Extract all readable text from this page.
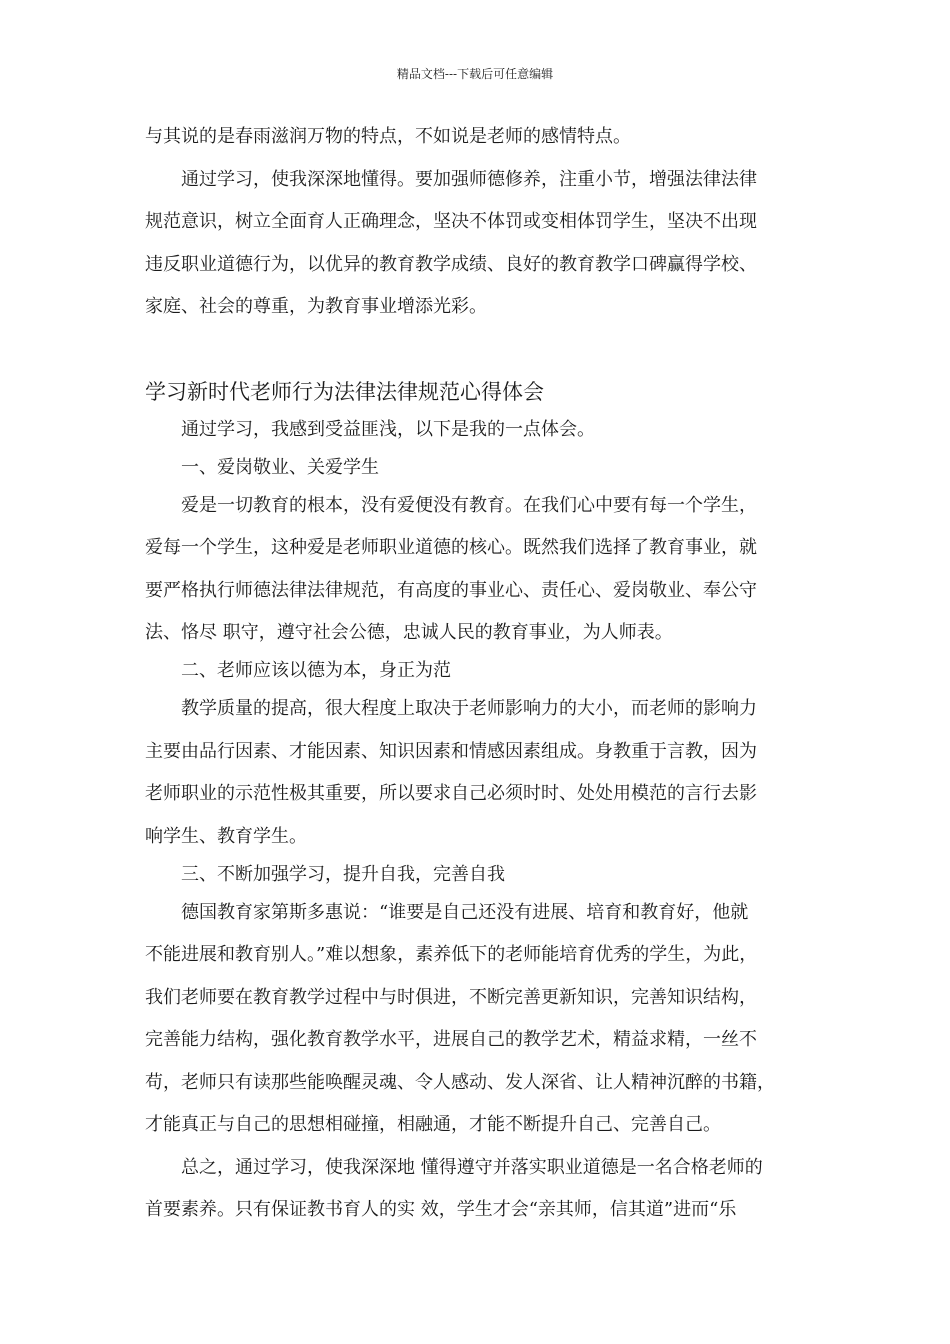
精品文档---下载后可任意编辑
与其说的是春雨滋润万物的特点，不如说是老师的感情特点。
通过学习，使我深深地懂得。要加强师德修养，注重小节，增强法律法律
规范意识，树立全面育人正确理念，坚决不体罚或变相体罚学生，坚决不出现
违反职业道德行为，以优异的教育教学成绩、良好的教育教学口碑赢得学校、
家庭、社会的尊重，为教育事业增添光彩。
学习新时代老师行为法律法律规范心得体会
通过学习，我感到受益匪浅，以下是我的一点体会。
一、爱岗敬业、关爱学生
爱是一切教育的根本，没有爱便没有教育。在我们心中要有每一个学生，
爱每一个学生，这种爱是老师职业道德的核心。既然我们选择了教育事业，就
要严格执行师德法律法律规范，有高度的事业心、责任心、爱岗敬业、奉公守
法、恪尽 职守，遵守社会公德，忠诚人民的教育事业，为人师表。
二、老师应该以德为本，身正为范
教学质量的提高，很大程度上取决于老师影响力的大小，而老师的影响力
主要由品行因素、才能因素、知识因素和情感因素组成。身教重于言教，因为
老师职业的示范性极其重要，所以要求自己必须时时、处处用模范的言行去影
响学生、教育学生。
三、不断加强学习，提升自我，完善自我
德国教育家第斯多惠说：“谁要是自己还没有进展、培育和教育好，他就
不能进展和教育别人。”难以想象，素养低下的老师能培育优秀的学生，为此，
我们老师要在教育教学过程中与时俱进，不断完善更新知识，完善知识结构，
完善能力结构，强化教育教学水平，进展自己的教学艺术，精益求精，一丝不
苟，老师只有读那些能唤醒灵魂、令人感动、发人深省、让人精神沉醉的书籍，
才能真正与自己的思想相碰撞，相融通，才能不断提升自己、完善自己。
总之，通过学习，使我深深地 懂得遵守并落实职业道德是一名合格老师的
首要素养。只有保证教书育人的实 效，学生才会“亲其师，信其道”进而“乐
